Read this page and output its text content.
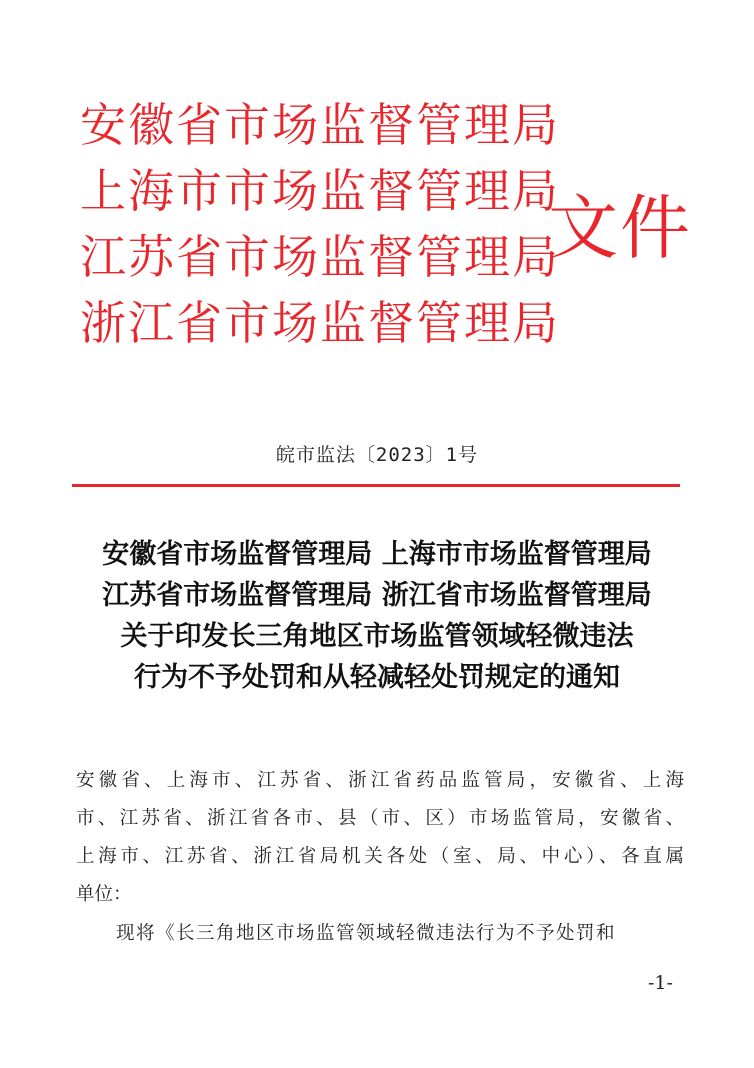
安 徽 省 市 场 监 督 管 理 局
上 海 市 市 场 监 督 管 理 局
江 苏 省 市 场 监 督 管 理 局
浙 江 省 市 场 监 督 管 理 局
文件
皖市监法〔2023〕1号
安徽省市场监督管理局 上海市市场监督管理局
江苏省市场监督管理局 浙江省市场监督管理局
关于印发长三角地区市场监管领域轻微违法
行为不予处罚和从轻减轻处罚规定的通知
安徽省、上海市、江苏省、浙江省药品监管局，安徽省、上海
市、江苏省、浙江省各市、县（市、区）市场监管局，安徽省、
上海市、江苏省、浙江省局机关各处（室、局、中心）、各直属
单位：
现将《长三角地区市场监管领域轻微违法行为不予处罚和
-1-
